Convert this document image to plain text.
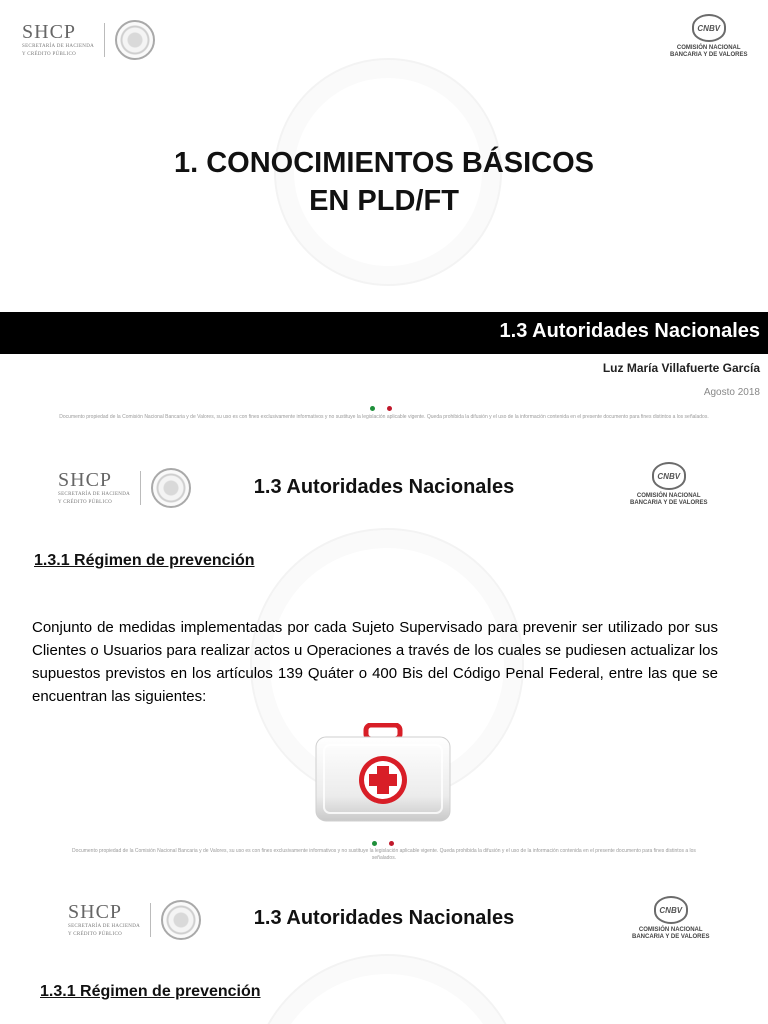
SHCP
SECRETARÍA DE HACIENDA
Y CRÉDITO PÚBLICO
CNBV
COMISIÓN NACIONAL
BANCARIA Y DE VALORES
1. CONOCIMIENTOS BÁSICOS
EN PLD/FT
1.3 Autoridades Nacionales
Luz María Villafuerte García
Agosto 2018
Documento propiedad de la Comisión Nacional Bancaria y de Valores, su uso es con fines exclusivamente informativos y no sustituye la legislación aplicable vigente. Queda prohibida la difusión y el uso de la información contenida en el presente documento para fines distintos a los señalados.
SHCP
SECRETARÍA DE HACIENDA
Y CRÉDITO PÚBLICO
1.3 Autoridades Nacionales	CNBV
COMISIÓN NACIONAL
BANCARIA Y DE VALORES
1.3.1 Régimen de prevención
Conjunto de medidas implementadas por cada Sujeto Supervisado para prevenir ser utilizado por sus Clientes o Usuarios para realizar actos u Operaciones a través de los cuales se pudiesen actualizar los supuestos previstos en los artículos 139 Quáter o 400 Bis del Código Penal Federal, entre las que se encuentran las siguientes:
Documento propiedad de la Comisión Nacional Bancaria y de Valores, su uso es con fines exclusivamente informativos y no sustituye la legislación aplicable vigente. Queda prohibida la difusión y el uso de la información contenida en el presente documento para fines distintos a los señalados.
SHCP
SECRETARÍA DE HACIENDA
Y CRÉDITO PÚBLICO
1.3 Autoridades Nacionales	CNBV
COMISIÓN NACIONAL
BANCARIA Y DE VALORES
1.3.1 Régimen de prevención
